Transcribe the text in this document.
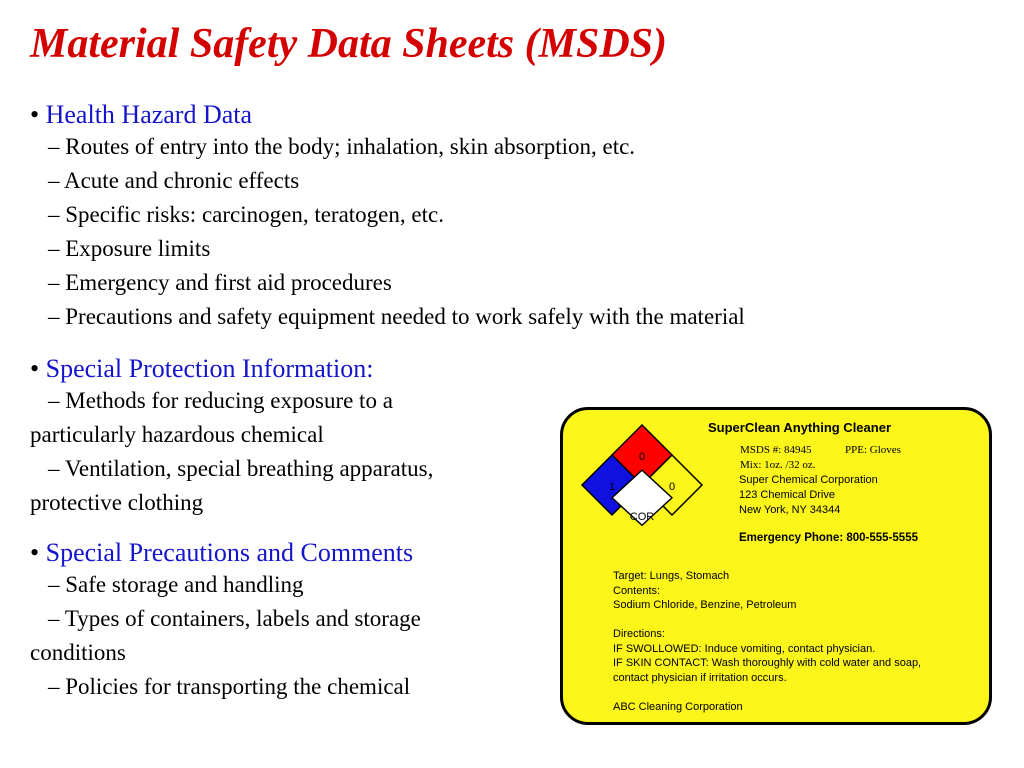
Material Safety Data Sheets (MSDS)
• Health Hazard Data
– Routes of entry into the body; inhalation, skin absorption, etc.
– Acute and chronic effects
– Specific risks: carcinogen, teratogen, etc.
– Exposure limits
– Emergency and first aid procedures
– Precautions and safety equipment needed to work safely with the material
• Special Protection Information:
– Methods for reducing exposure to a
particularly hazardous chemical
– Ventilation, special breathing apparatus,
protective clothing
• Special Precautions and Comments
– Safe storage and handling
– Types of containers, labels and storage
conditions
– Policies for transporting the chemical
0
1	0
COR
SuperClean Anything Cleaner
MSDS #: 84945	PPE: Gloves
Mix: 1oz. /32 oz.
Super Chemical Corporation
123 Chemical Drive
New York, NY 34344
Emergency Phone: 800-555-5555
Target: Lungs, Stomach
Contents:
Sodium Chloride, Benzine, Petroleum
Directions:
IF SWOLLOWED: Induce vomiting, contact physician.
IF SKIN CONTACT: Wash thoroughly with cold water and soap,
contact physician if irritation occurs.
ABC Cleaning Corporation
